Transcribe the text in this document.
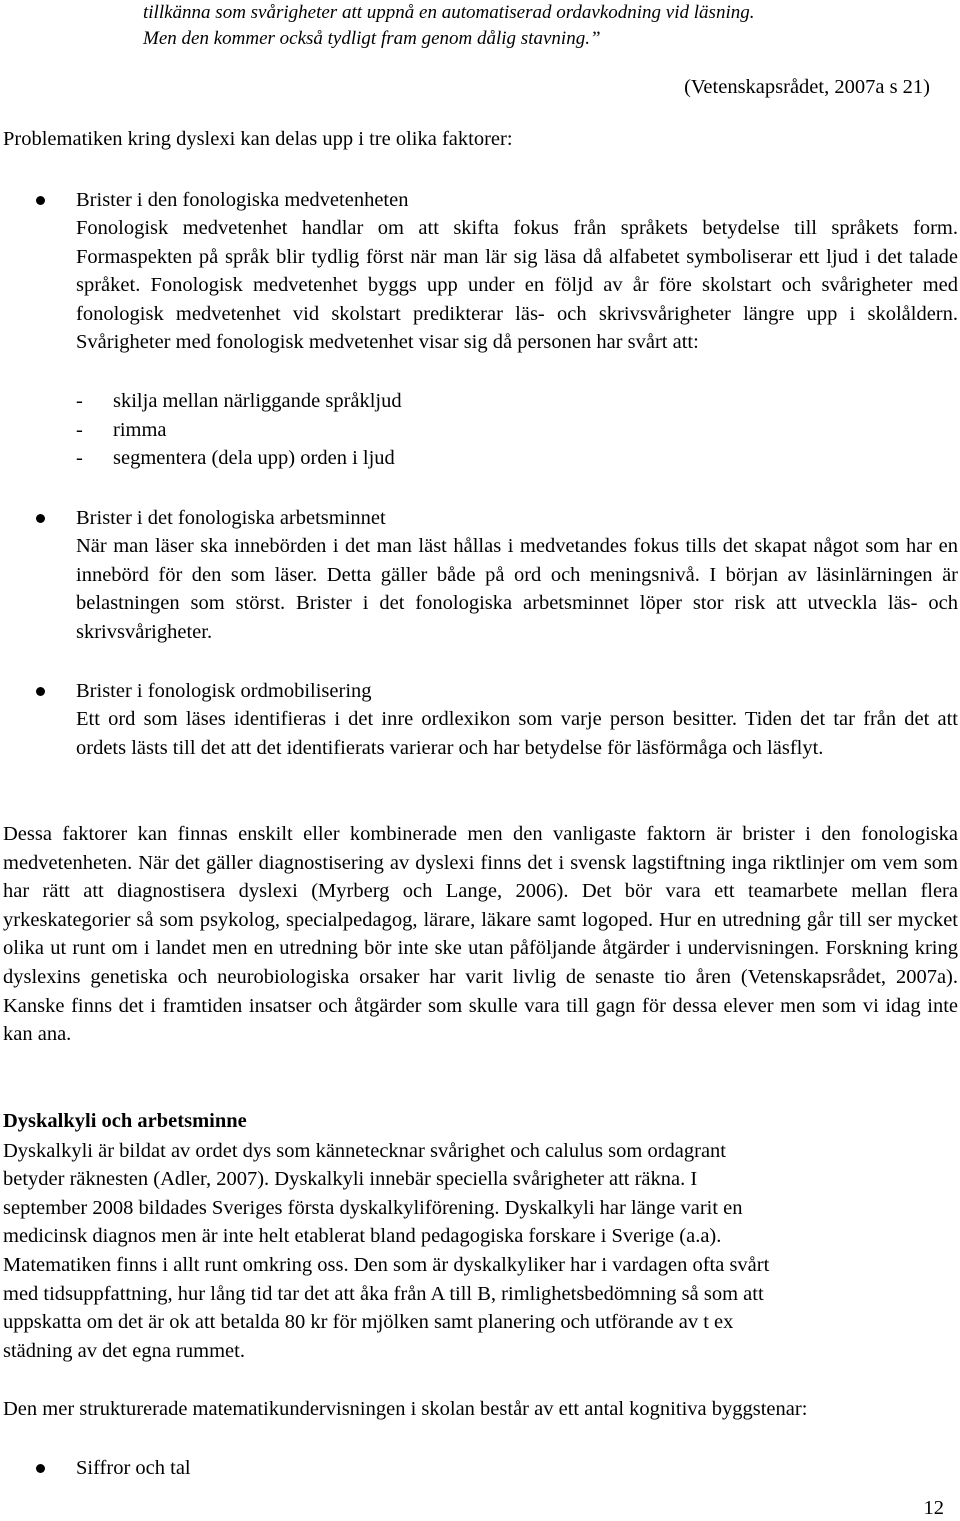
tillkänna som svårigheter att uppnå en automatiserad ordavkodning vid läsning. Men den kommer också tydligt fram genom dålig stavning.”
(Vetenskapsrådet, 2007a s 21)
Problematiken kring dyslexi kan delas upp i tre olika faktorer:
Brister i den fonologiska medvetenheten
Fonologisk medvetenhet handlar om att skifta fokus från språkets betydelse till språkets form. Formaspekten på språk blir tydlig först när man lär sig läsa då alfabetet symboliserar ett ljud i det talade språket. Fonologisk medvetenhet byggs upp under en följd av år före skolstart och svårigheter med fonologisk medvetenhet vid skolstart predikterar läs- och skrivsvårigheter längre upp i skolåldern. Svårigheter med fonologisk medvetenhet visar sig då personen har svårt att:
- skilja mellan närliggande språkljud
- rimma
- segmentera (dela upp) orden i ljud
Brister i det fonologiska arbetsminnet
När man läser ska innebörden i det man läst hållas i medvetandes fokus tills det skapat något som har en innebörd för den som läser. Detta gäller både på ord och meningsnivå. I början av läsinlärningen är belastningen som störst. Brister i det fonologiska arbetsminnet löper stor risk att utveckla läs- och skrivsvårigheter.
Brister i fonologisk ordmobilisering
Ett ord som läses identifieras i det inre ordlexikon som varje person besitter. Tiden det tar från det att ordets lästs till det att det identifierats varierar och har betydelse för läsförmåga och läsflyt.
Dessa faktorer kan finnas enskilt eller kombinerade men den vanligaste faktorn är brister i den fonologiska medvetenheten. När det gäller diagnostisering av dyslexi finns det i svensk lagstiftning inga riktlinjer om vem som har rätt att diagnostisera dyslexi (Myrberg och Lange, 2006). Det bör vara ett teamarbete mellan flera yrkeskategorier så som psykolog, specialpedagog, lärare, läkare samt logoped. Hur en utredning går till ser mycket olika ut runt om i landet men en utredning bör inte ske utan påföljande åtgärder i undervisningen. Forskning kring dyslexins genetiska och neurobiologiska orsaker har varit livlig de senaste tio åren (Vetenskapsrådet, 2007a). Kanske finns det i framtiden insatser och åtgärder som skulle vara till gagn för dessa elever men som vi idag inte kan ana.
Dyskalkyli och arbetsminne
Dyskalkyli är bildat av ordet dys som kännetecknar svårighet och calulus som ordagrant
betyder räknesten (Adler, 2007). Dyskalkyli innebär speciella svårigheter att räkna. I
september 2008 bildades Sveriges första dyskalkyliförening. Dyskalkyli har länge varit en
medicinsk diagnos men är inte helt etablerat bland pedagogiska forskare i Sverige (a.a).
Matematiken finns i allt runt omkring oss. Den som är dyskalkyliker har i vardagen ofta svårt
med tidsuppfattning, hur lång tid tar det att åka från A till B, rimlighetsbedömning så som att
uppskatta om det är ok att betalda 80 kr för mjölken samt planering och utförande av t ex
städning av det egna rummet.
Den mer strukturerade matematikundervisningen i skolan består av ett antal kognitiva byggstenar:
Siffror och tal
12
